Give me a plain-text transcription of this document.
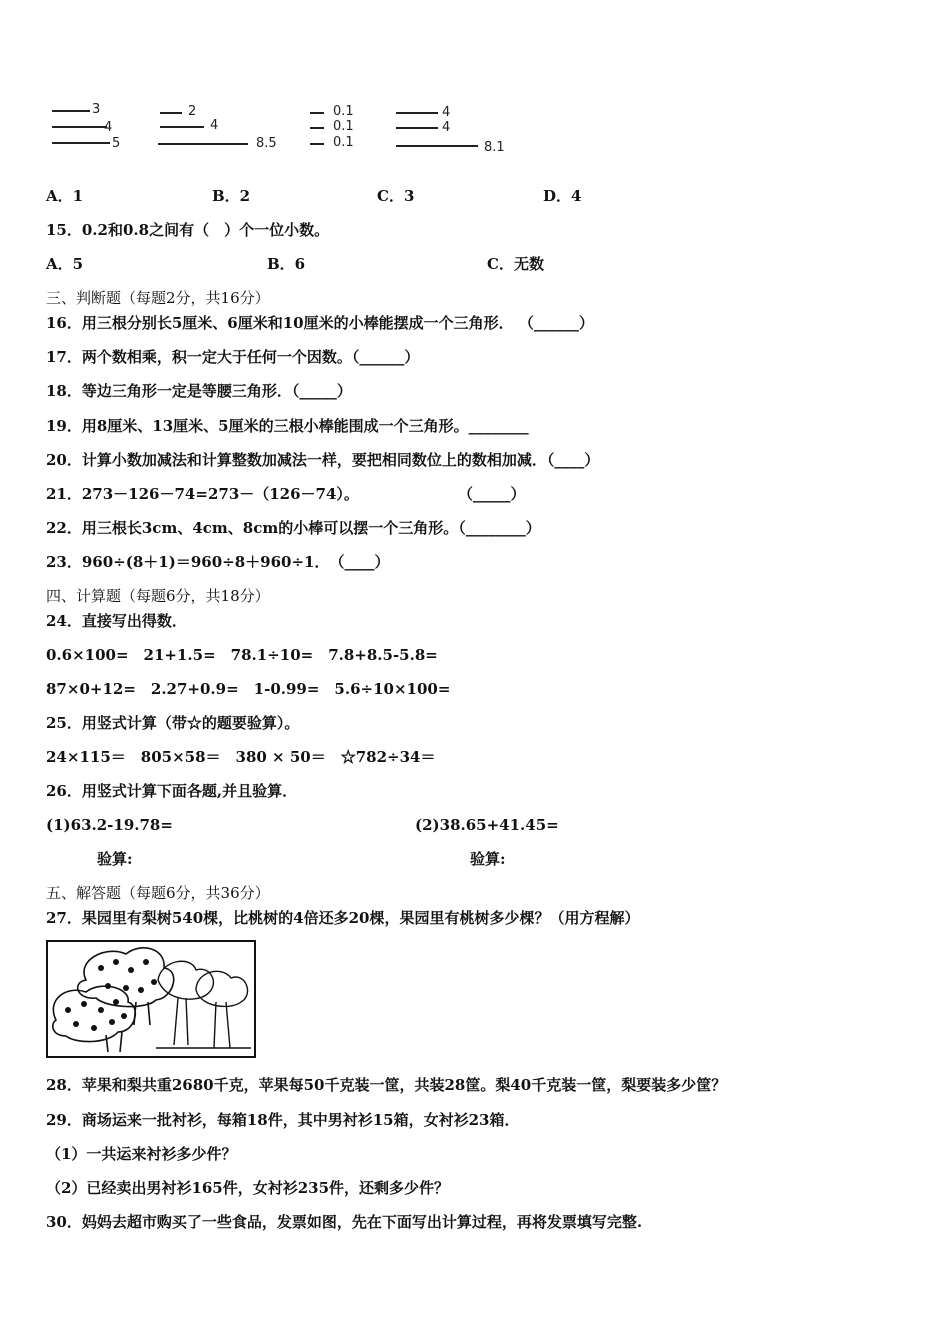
3
4
5
2
4
8.5
0.1
0.1
0.1
4
4
8.1
A．1	B．2	C．3	D．4
15．0.2和0.8之间有（　）个一位小数。
A．5	B．6	C．无数
三、判断题（每题2分，共16分）
16．用三根分别长5厘米、6厘米和10厘米的小棒能摆成一个三角形． （______）
17．两个数相乘，积一定大于任何一个因数。（______）
18．等边三角形一定是等腰三角形．（_____）
19．用8厘米、13厘米、5厘米的三根小棒能围成一个三角形。________
20．计算小数加减法和计算整数加减法一样，要把相同数位上的数相加减．（____）
21．273－126－74=273－（126－74）。	（_____）
22．用三根长3cm、4cm、8cm的小棒可以摆一个三角形。（________）
23．960÷(8＋1)＝960÷8＋960÷1．　（____）
四、计算题（每题6分，共18分）
24．直接写出得数．
0.6×100=　21+1.5=　78.1÷10=　7.8+8.5-5.8=
87×0+12=　2.27+0.9=　1-0.99=　5.6÷10×100=
25．用竖式计算（带☆的题要验算）。
24×115＝　805×58＝　380 × 50＝　☆782÷34＝
26．用竖式计算下面各题,并且验算．
(1)63.2-19.78=	(2)38.65+41.45=
验算:	验算:
五、解答题（每题6分，共36分）
27．果园里有梨树540棵，比桃树的4倍还多20棵，果园里有桃树多少棵？（用方程解）
28．苹果和梨共重2680千克，苹果每50千克装一筐，共装28筐。梨40千克装一筐，梨要装多少筐？
29．商场运来一批衬衫，每箱18件，其中男衬衫15箱，女衬衫23箱．
（1）一共运来衬衫多少件？
（2）已经卖出男衬衫165件，女衬衫235件，还剩多少件？
30．妈妈去超市购买了一些食品，发票如图，先在下面写出计算过程，再将发票填写完整.
